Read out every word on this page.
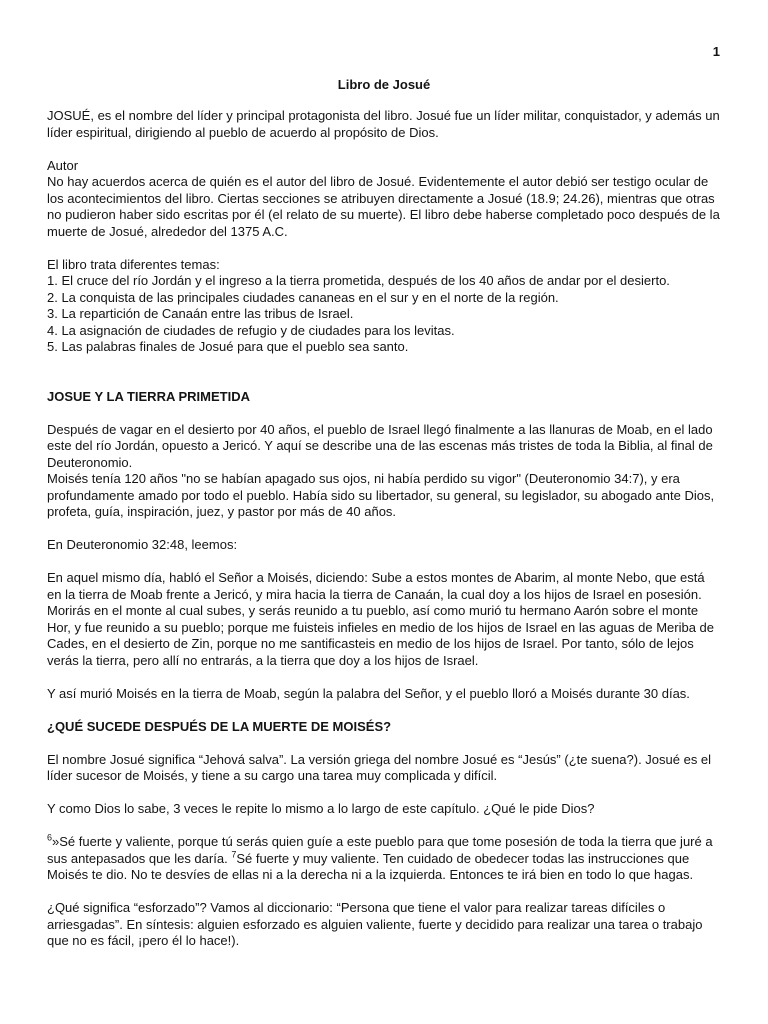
1
Libro de Josué

JOSUÉ, es el nombre del líder y principal protagonista del libro. Josué fue un líder militar, conquistador, y además un líder espiritual, dirigiendo al pueblo de acuerdo al propósito de Dios.

Autor
No hay acuerdos acerca de quién es el autor del libro de Josué. Evidentemente el autor debió ser testigo ocular de los acontecimientos del libro. Ciertas secciones se atribuyen directamente a Josué (18.9; 24.26), mientras que otras no pudieron haber sido escritas por él (el relato de su muerte). El libro debe haberse completado poco después de la muerte de Josué, alrededor del 1375 A.C.

El libro trata diferentes temas:
1. El cruce del río Jordán y el ingreso a la tierra prometida, después de los 40 años de andar por el desierto.
2. La conquista de las principales ciudades cananeas en el sur y en el norte de la región.
3. La repartición de Canaán entre las tribus de Israel.
4. La asignación de ciudades de refugio y de ciudades para los levitas.
5. Las palabras finales de Josué para que el pueblo sea santo.

JOSUE Y LA TIERRA PRIMETIDA

Después de vagar en el desierto por 40 años, el pueblo de Israel llegó finalmente a las llanuras de Moab, en el lado este del río Jordán, opuesto a Jericó. Y aquí se describe una de las escenas más tristes de toda la Biblia, al final de Deuteronomio.
Moisés tenía 120 años "no se habían apagado sus ojos, ni había perdido su vigor" (Deuteronomio 34:7), y era profundamente amado por todo el pueblo. Había sido su libertador, su general, su legislador, su abogado ante Dios, profeta, guía, inspiración, juez, y pastor por más de 40 años.

En Deuteronomio 32:48, leemos:

En aquel mismo día, habló el Señor a Moisés, diciendo: Sube a estos montes de Abarim, al monte Nebo, que está en la tierra de Moab frente a Jericó, y mira hacia la tierra de Canaán, la cual doy a los hijos de Israel en posesión. Morirás en el monte al cual subes, y serás reunido a tu pueblo, así como murió tu hermano Aarón sobre el monte Hor, y fue reunido a su pueblo; porque me fuisteis infieles en medio de los hijos de Israel en las aguas de Meriba de Cades, en el desierto de Zin, porque no me santificasteis en medio de los hijos de Israel. Por tanto, sólo de lejos verás la tierra, pero allí no entrarás, a la tierra que doy a los hijos de Israel.

Y así murió Moisés en la tierra de Moab, según la palabra del Señor, y el pueblo lloró a Moisés durante 30 días.

¿QUÉ SUCEDE DESPUÉS DE LA MUERTE DE MOISÉS?

El nombre Josué significa “Jehová salva”. La versión griega del nombre Josué es “Jesús” (¿te suena?). Josué es el líder sucesor de Moisés, y tiene a su cargo una tarea muy complicada y difícil.

Y como Dios lo sabe, 3 veces le repite lo mismo a lo largo de este capítulo. ¿Qué le pide Dios?

$^6$»Sé fuerte y valiente, porque tú serás quien guíe a este pueblo para que tome posesión de toda la tierra que juré a sus antepasados que les daría. $^7$Sé fuerte y muy valiente. Ten cuidado de obedecer todas las instrucciones que Moisés te dio. No te desvíes de ellas ni a la derecha ni a la izquierda. Entonces te irá bien en todo lo que hagas.

¿Qué significa “esforzado”? Vamos al diccionario: “Persona que tiene el valor para realizar tareas difíciles o arriesgadas”. En síntesis: alguien esforzado es alguien valiente, fuerte y decidido para realizar una tarea o trabajo que no es fácil, ¡pero él lo hace!).
